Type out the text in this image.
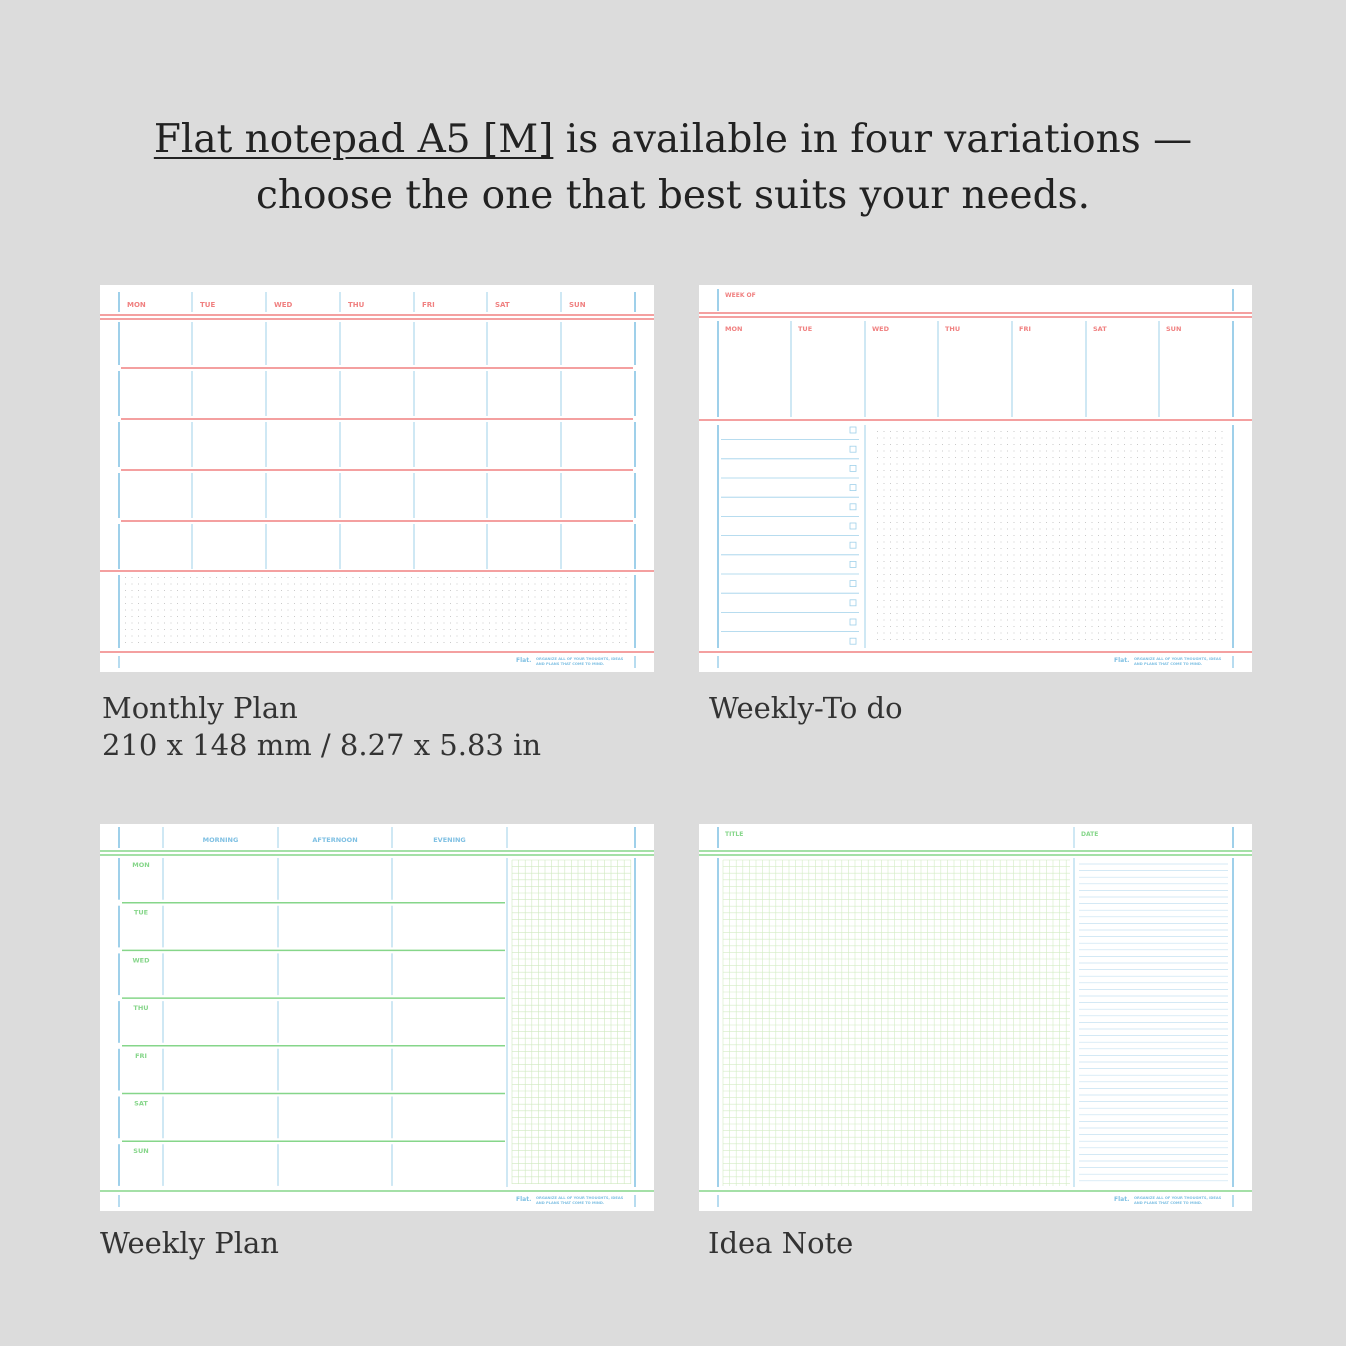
Flat notepad A5 [M] is available in four variations —
choose the one that best suits your needs.
MON	TUE	WED	THU	FRI	SAT	SUN
Flat. ORGANIZE ALL OF YOUR THOUGHTS, IDEAS
AND PLANS THAT COME TO MIND.
WEEK OF
MON	TUE	WED	THU	FRI	SAT	SUN
Flat. ORGANIZE ALL OF YOUR THOUGHTS, IDEAS
AND PLANS THAT COME TO MIND.
MORNING	AFTERNOON	EVENING
MON
TUE
WED
THU
FRI
SAT
SUN
Flat. ORGANIZE ALL OF YOUR THOUGHTS, IDEAS
AND PLANS THAT COME TO MIND.
TITLE	DATE
Flat. ORGANIZE ALL OF YOUR THOUGHTS, IDEAS
AND PLANS THAT COME TO MIND.
Monthly Plan
210 x 148 mm / 8.27 x 5.83 in
Weekly-To do
Weekly Plan	Idea Note
